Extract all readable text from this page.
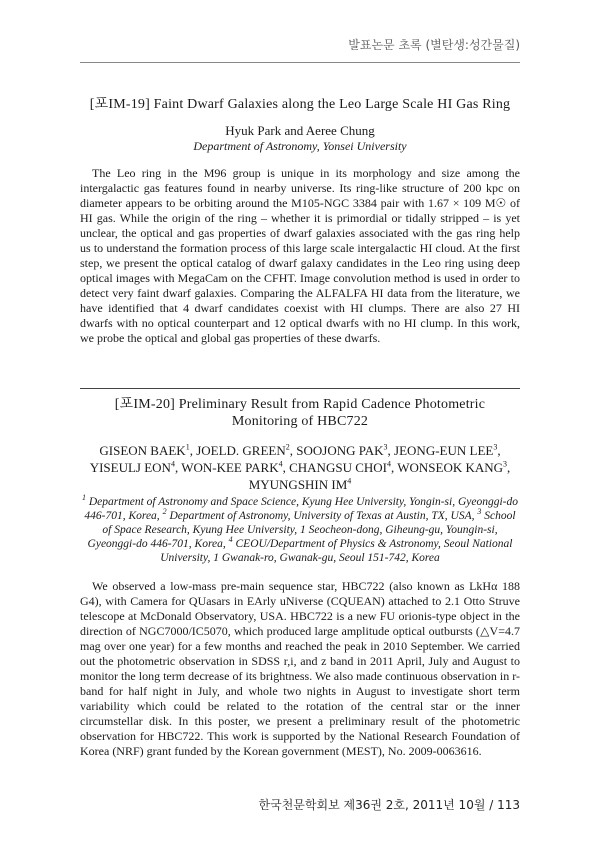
발표논문 초록 (별탄생:성간물질)
[포IM-19] Faint Dwarf Galaxies along the Leo Large Scale HI Gas Ring

Hyuk Park and Aeree Chung

Department of Astronomy, Yonsei University

The Leo ring in the M96 group is unique in its morphology and size among the intergalactic gas features found in nearby universe. Its ring-like structure of 200 kpc on diameter appears to be orbiting around the M105-NGC 3384 pair with 1.67 × 109 M☉ of HI gas. While the origin of the ring – whether it is primordial or tidally stripped – is yet unclear, the optical and gas properties of dwarf galaxies associated with the gas ring help us to understand the formation process of this large scale intergalactic HI cloud. At the first step, we present the optical catalog of dwarf galaxy candidates in the Leo ring using deep optical images with MegaCam on the CFHT. Image convolution method is used in order to detect very faint dwarf galaxies. Comparing the ALFALFA HI data from the literature, we have identified that 4 dwarf candidates coexist with HI clumps. There are also 27 HI dwarfs with no optical counterpart and 12 optical dwarfs with no HI clump. In this work, we probe the optical and global gas properties of these dwarfs.

[포IM-20] Preliminary Result from Rapid Cadence Photometric
Monitoring of HBC722

GISEON BAEK$^1$, JOELD. GREEN$^2$, SOOJONG PAK$^3$, JEONG-EUN LEE$^3$, YISEULJ EON$^4$, WON-KEE PARK$^4$, CHANGSU CHOI$^4$, WONSEOK KANG$^3$, MYUNGSHIN $IM^4$

$^1$ Department of Astronomy and Space Science, Kyung Hee University, Yongin-si, Gyeonggi-do 446-701, Korea, $^2$ Department of Astronomy, University of Texas at Austin, TX, USA, $^3$ School of Space Research, Kyung Hee University, 1 Seocheon-dong, Giheung-gu, Youngin-si, Gyeonggi-do 446-701, Korea, $^4$ CEOU/Department of Physics & Astronomy, Seoul National University, 1 Gwanak-ro, Gwanak-gu, Seoul 151-742, Korea

We observed a low-mass pre-main sequence star, HBC722 (also known as LkHα 188 G4), with Camera for QUasars in EArly uNiverse (CQUEAN) attached to 2.1 Otto Struve telescope at McDonald Observatory, USA. HBC722 is a new FU orionis-type object in the direction of NGC7000/IC5070, which produced large amplitude optical outbursts (△V=4.7 mag over one year) for a few months and reached the peak in 2010 September. We carried out the photometric observation in SDSS r,i, and z band in 2011 April, July and August to monitor the long term decrease of its brightness. We also made continuous observation in r-band for half night in July, and whole two nights in August to investigate short term variability which could be related to the rotation of the central star or the inner circumstellar disk. In this poster, we present a preliminary result of the photometric observation for HBC722. This work is supported by the National Research Foundation of Korea (NRF) grant funded by the Korean government (MEST), No. 2009-0063616.

한국천문학회보 제36권 2호, 2011년 10월 / 113
